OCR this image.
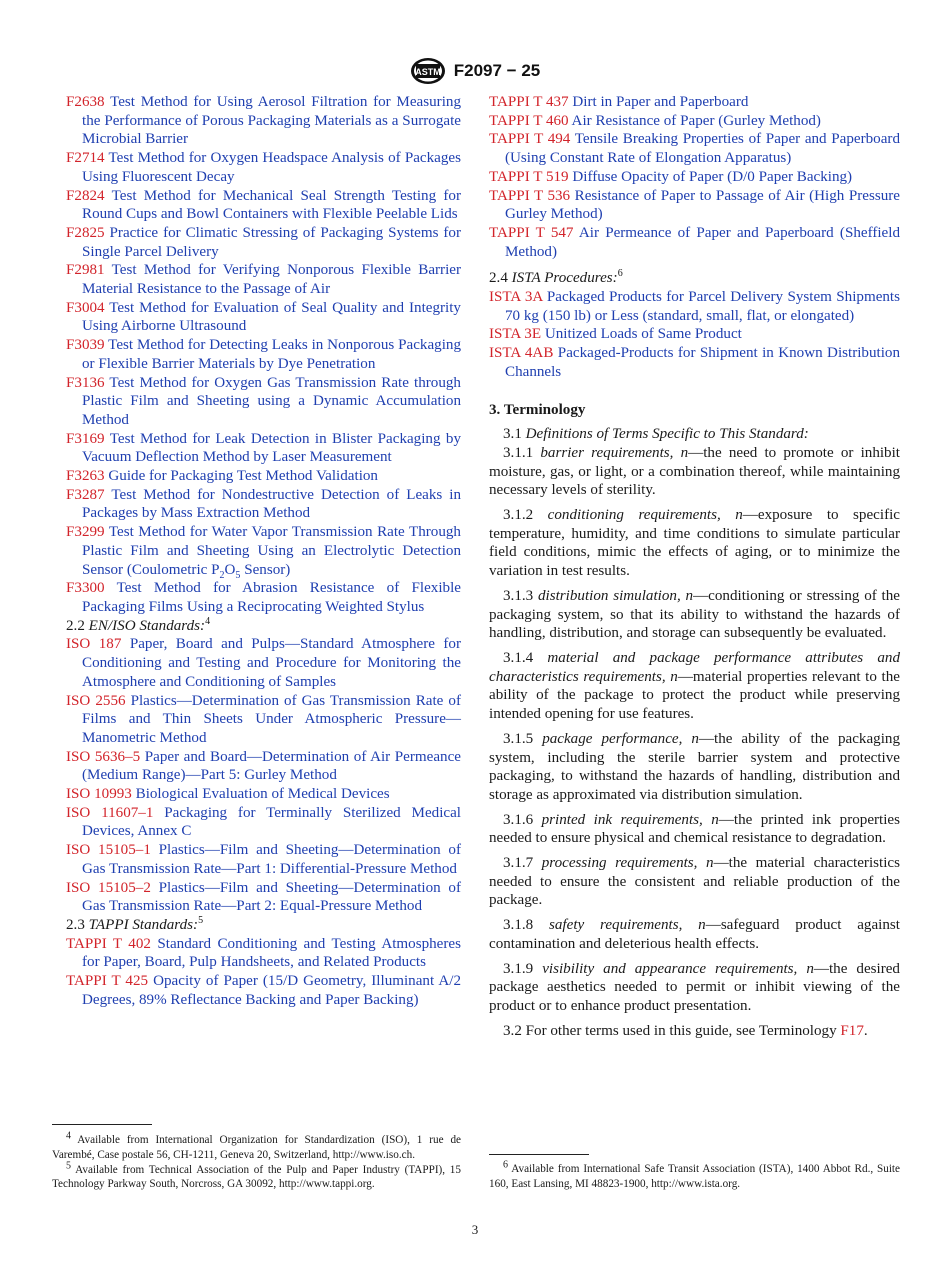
ASTM F2097 − 25

F2638 Test Method for Using Aerosol Filtration for Measuring the Performance of Porous Packaging Materials as a Surrogate Microbial Barrier

F2714 Test Method for Oxygen Headspace Analysis of Packages Using Fluorescent Decay

F2824 Test Method for Mechanical Seal Strength Testing for Round Cups and Bowl Containers with Flexible Peelable Lids

F2825 Practice for Climatic Stressing of Packaging Systems for Single Parcel Delivery

F2981 Test Method for Verifying Nonporous Flexible Barrier Material Resistance to the Passage of Air

F3004 Test Method for Evaluation of Seal Quality and Integrity Using Airborne Ultrasound

F3039 Test Method for Detecting Leaks in Nonporous Packaging or Flexible Barrier Materials by Dye Penetration

F3136 Test Method for Oxygen Gas Transmission Rate through Plastic Film and Sheeting using a Dynamic Accumulation Method

F3169 Test Method for Leak Detection in Blister Packaging by Vacuum Deflection Method by Laser Measurement

F3263 Guide for Packaging Test Method Validation

F3287 Test Method for Nondestructive Detection of Leaks in Packages by Mass Extraction Method

F3299 Test Method for Water Vapor Transmission Rate Through Plastic Film and Sheeting Using an Electrolytic Detection Sensor (Coulometric $P_2O_5$ Sensor)

F3300 Test Method for Abrasion Resistance of Flexible Packaging Films Using a Reciprocating Weighted Stylus

2.2 EN/ISO Standards:$^4$

ISO 187 Paper, Board and Pulps—Standard Atmosphere for Conditioning and Testing and Procedure for Monitoring the Atmosphere and Conditioning of Samples

ISO 2556 Plastics—Determination of Gas Transmission Rate of Films and Thin Sheets Under Atmospheric Pressure—Manometric Method

ISO 5636–5 Paper and Board—Determination of Air Permeance (Medium Range)—Part 5: Gurley Method

ISO 10993 Biological Evaluation of Medical Devices

ISO 11607–1 Packaging for Terminally Sterilized Medical Devices, Annex C

ISO 15105–1 Plastics—Film and Sheeting—Determination of Gas Transmission Rate—Part 1: Differential-Pressure Method

ISO 15105–2 Plastics—Film and Sheeting—Determination of Gas Transmission Rate—Part 2: Equal-Pressure Method

2.3 TAPPI Standards:$^5$

TAPPI T 402 Standard Conditioning and Testing Atmospheres for Paper, Board, Pulp Handsheets, and Related Products

TAPPI T 425 Opacity of Paper (15/D Geometry, Illuminant A/2 Degrees, 89% Reflectance Backing and Paper Backing)

TAPPI T 437 Dirt in Paper and Paperboard

TAPPI T 460 Air Resistance of Paper (Gurley Method)

TAPPI T 494 Tensile Breaking Properties of Paper and Paperboard (Using Constant Rate of Elongation Apparatus)

TAPPI T 519 Diffuse Opacity of Paper (D/0 Paper Backing)

TAPPI T 536 Resistance of Paper to Passage of Air (High Pressure Gurley Method)

TAPPI T 547 Air Permeance of Paper and Paperboard (Sheffield Method)

2.4 ISTA Procedures:$^6$

ISTA 3A Packaged Products for Parcel Delivery System Shipments 70 kg (150 lb) or Less (standard, small, flat, or elongated)

ISTA 3E Unitized Loads of Same Product

ISTA 4AB Packaged-Products for Shipment in Known Distribution Channels

3. Terminology

3.1 Definitions of Terms Specific to This Standard:

3.1.1 barrier requirements, n—the need to promote or inhibit moisture, gas, or light, or a combination thereof, while maintaining necessary levels of sterility.

3.1.2 conditioning requirements, n—exposure to specific temperature, humidity, and time conditions to simulate particular field conditions, mimic the effects of aging, or to minimize the variation in test results.

3.1.3 distribution simulation, n—conditioning or stressing of the packaging system, so that its ability to withstand the hazards of handling, distribution, and storage can subsequently be evaluated.

3.1.4 material and package performance attributes and characteristics requirements, n—material properties relevant to the ability of the package to protect the product while preserving intended opening for use features.

3.1.5 package performance, n—the ability of the packaging system, including the sterile barrier system and protective packaging, to withstand the hazards of handling, distribution and storage as approximated via distribution simulation.

3.1.6 printed ink requirements, n—the printed ink properties needed to ensure physical and chemical resistance to degradation.

3.1.7 processing requirements, n—the material characteristics needed to ensure the consistent and reliable production of the package.

3.1.8 safety requirements, n—safeguard product against contamination and deleterious health effects.

3.1.9 visibility and appearance requirements, n—the desired package aesthetics needed to permit or inhibit viewing of the product or to enhance product presentation.

3.2 For other terms used in this guide, see Terminology F17.

$^4$ Available from International Organization for Standardization (ISO), 1 rue de Varembé, Case postale 56, CH-1211, Geneva 20, Switzerland, http://www.iso.ch.

$^5$ Available from Technical Association of the Pulp and Paper Industry (TAPPI), 15 Technology Parkway South, Norcross, GA 30092, http://www.tappi.org.

$^6$ Available from International Safe Transit Association (ISTA), 1400 Abbot Rd., Suite 160, East Lansing, MI 48823-1900, http://www.ista.org.

3
